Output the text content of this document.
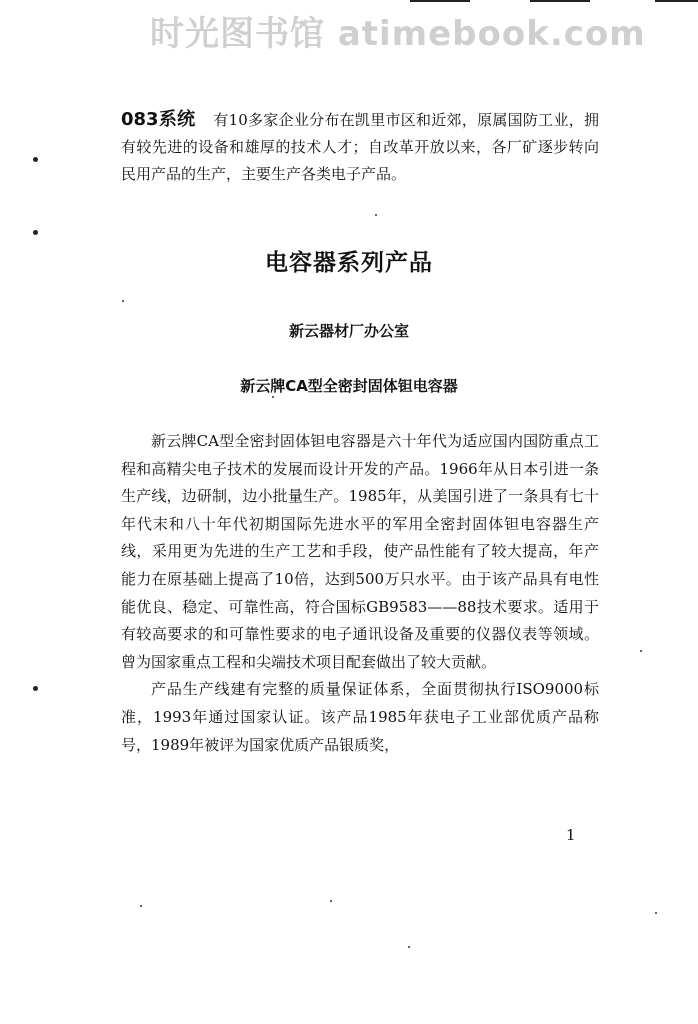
时光图书馆 atimebook.com
083系统 有10多家企业分布在凯里市区和近郊，原属国防工业，拥有较先进的设备和雄厚的技术人才；自改革开放以来，各厂矿逐步转向民用产品的生产，主要生产各类电子产品。
电容器系列产品
新云器材厂办公室
新云牌CA型全密封固体钽电容器

新云牌CA型全密封固体钽电容器是六十年代为适应国内国防重点工程和高精尖电子技术的发展而设计开发的产品。1966年从日本引进一条生产线，边研制，边小批量生产。1985年，从美国引进了一条具有七十年代末和八十年代初期国际先进水平的军用全密封固体钽电容器生产线，采用更为先进的生产工艺和手段，使产品性能有了较大提高，年产能力在原基础上提高了10倍，达到500万只水平。由于该产品具有电性能优良、稳定、可靠性高，符合国标GB9583——88技术要求。适用于有较高要求的和可靠性要求的电子通讯设备及重要的仪器仪表等领域。曾为国家重点工程和尖端技术项目配套做出了较大贡献。

产品生产线建有完整的质量保证体系，全面贯彻执行ISO9000标准，1993年通过国家认证。该产品1985年获电子工业部优质产品称号，1989年被评为国家优质产品银质奖，

1
